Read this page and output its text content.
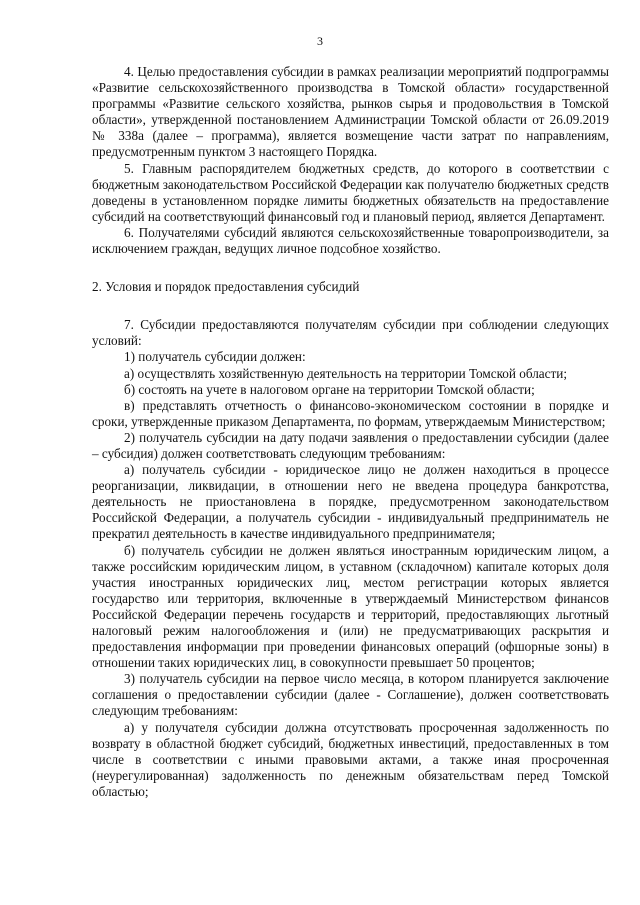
3

4. Целью предоставления субсидии в рамках реализации мероприятий подпрограммы «Развитие сельскохозяйственного производства в Томской области» государственной программы «Развитие сельского хозяйства, рынков сырья и продовольствия в Томской области», утвержденной постановлением Администрации Томской области от 26.09.2019 № 338а (далее – программа), является возмещение части затрат по направлениям, предусмотренным пунктом 3 настоящего Порядка.

5. Главным распорядителем бюджетных средств, до которого в соответствии с бюджетным законодательством Российской Федерации как получателю бюджетных средств доведены в установленном порядке лимиты бюджетных обязательств на предоставление субсидий на соответствующий финансовый год и плановый период, является Департамент.

6. Получателями субсидий являются сельскохозяйственные товаропроизводители, за исключением граждан, ведущих личное подсобное хозяйство.

2. Условия и порядок предоставления субсидий

7. Субсидии предоставляются получателям субсидии при соблюдении следующих условий:

1) получатель субсидии должен:

а) осуществлять хозяйственную деятельность на территории Томской области;

б) состоять на учете в налоговом органе на территории Томской области;

в) представлять отчетность о финансово-экономическом состоянии в порядке и сроки, утвержденные приказом Департамента, по формам, утверждаемым Министерством;

2) получатель субсидии на дату подачи заявления о предоставлении субсидии (далее – субсидия) должен соответствовать следующим требованиям:

а) получатель субсидии - юридическое лицо не должен находиться в процессе реорганизации, ликвидации, в отношении него не введена процедура банкротства, деятельность не приостановлена в порядке, предусмотренном законодательством Российской Федерации, а получатель субсидии - индивидуальный предприниматель не прекратил деятельность в качестве индивидуального предпринимателя;

б) получатель субсидии не должен являться иностранным юридическим лицом, а также российским юридическим лицом, в уставном (складочном) капитале которых доля участия иностранных юридических лиц, местом регистрации которых является государство или территория, включенные в утверждаемый Министерством финансов Российской Федерации перечень государств и территорий, предоставляющих льготный налоговый режим налогообложения и (или) не предусматривающих раскрытия и предоставления информации при проведении финансовых операций (офшорные зоны) в отношении таких юридических лиц, в совокупности превышает 50 процентов;

3) получатель субсидии на первое число месяца, в котором планируется заключение соглашения о предоставлении субсидии (далее - Соглашение), должен соответствовать следующим требованиям:

а) у получателя субсидии должна отсутствовать просроченная задолженность по возврату в областной бюджет субсидий, бюджетных инвестиций, предоставленных в том числе в соответствии с иными правовыми актами, а также иная просроченная (неурегулированная) задолженность по денежным обязательствам перед Томской областью;
